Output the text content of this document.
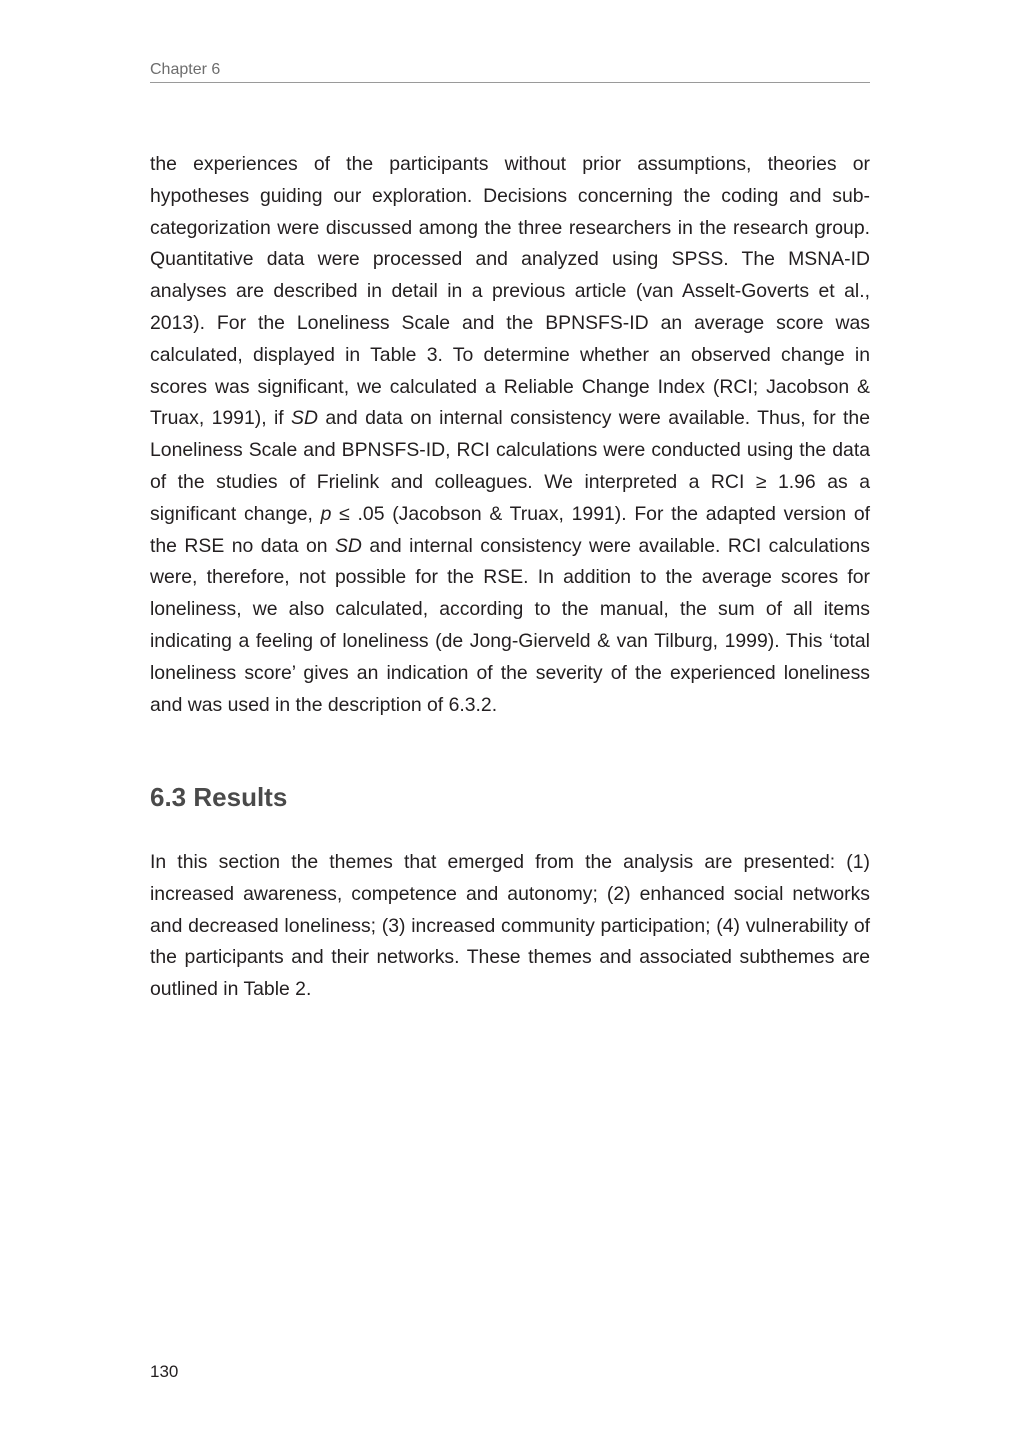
Chapter 6

the experiences of the participants without prior assumptions, theories or hypotheses guiding our exploration. Decisions concerning the coding and sub-categorization were discussed among the three researchers in the research group. Quantitative data were processed and analyzed using SPSS. The MSNA-ID analyses are described in detail in a previous article (van Asselt-Goverts et al., 2013). For the Loneliness Scale and the BPNSFS-ID an average score was calculated, displayed in Table 3. To determine whether an observed change in scores was significant, we calculated a Reliable Change Index (RCI; Jacobson & Truax, 1991), if SD and data on internal consistency were available. Thus, for the Loneliness Scale and BPNSFS-ID, RCI calculations were conducted using the data of the studies of Frielink and colleagues. We interpreted a RCI ≥ 1.96 as a significant change, p ≤ .05 (Jacobson & Truax, 1991). For the adapted version of the RSE no data on SD and internal consistency were available. RCI calculations were, therefore, not possible for the RSE. In addition to the average scores for loneliness, we also calculated, according to the manual, the sum of all items indicating a feeling of loneliness (de Jong-Gierveld & van Tilburg, 1999). This ‘total loneliness score’ gives an indication of the severity of the experienced loneliness and was used in the description of 6.3.2.

6.3 Results

In this section the themes that emerged from the analysis are presented: (1) increased awareness, competence and autonomy; (2) enhanced social networks and decreased loneliness; (3) increased community participation; (4) vulnerability of the participants and their networks. These themes and associated subthemes are outlined in Table 2.

130
